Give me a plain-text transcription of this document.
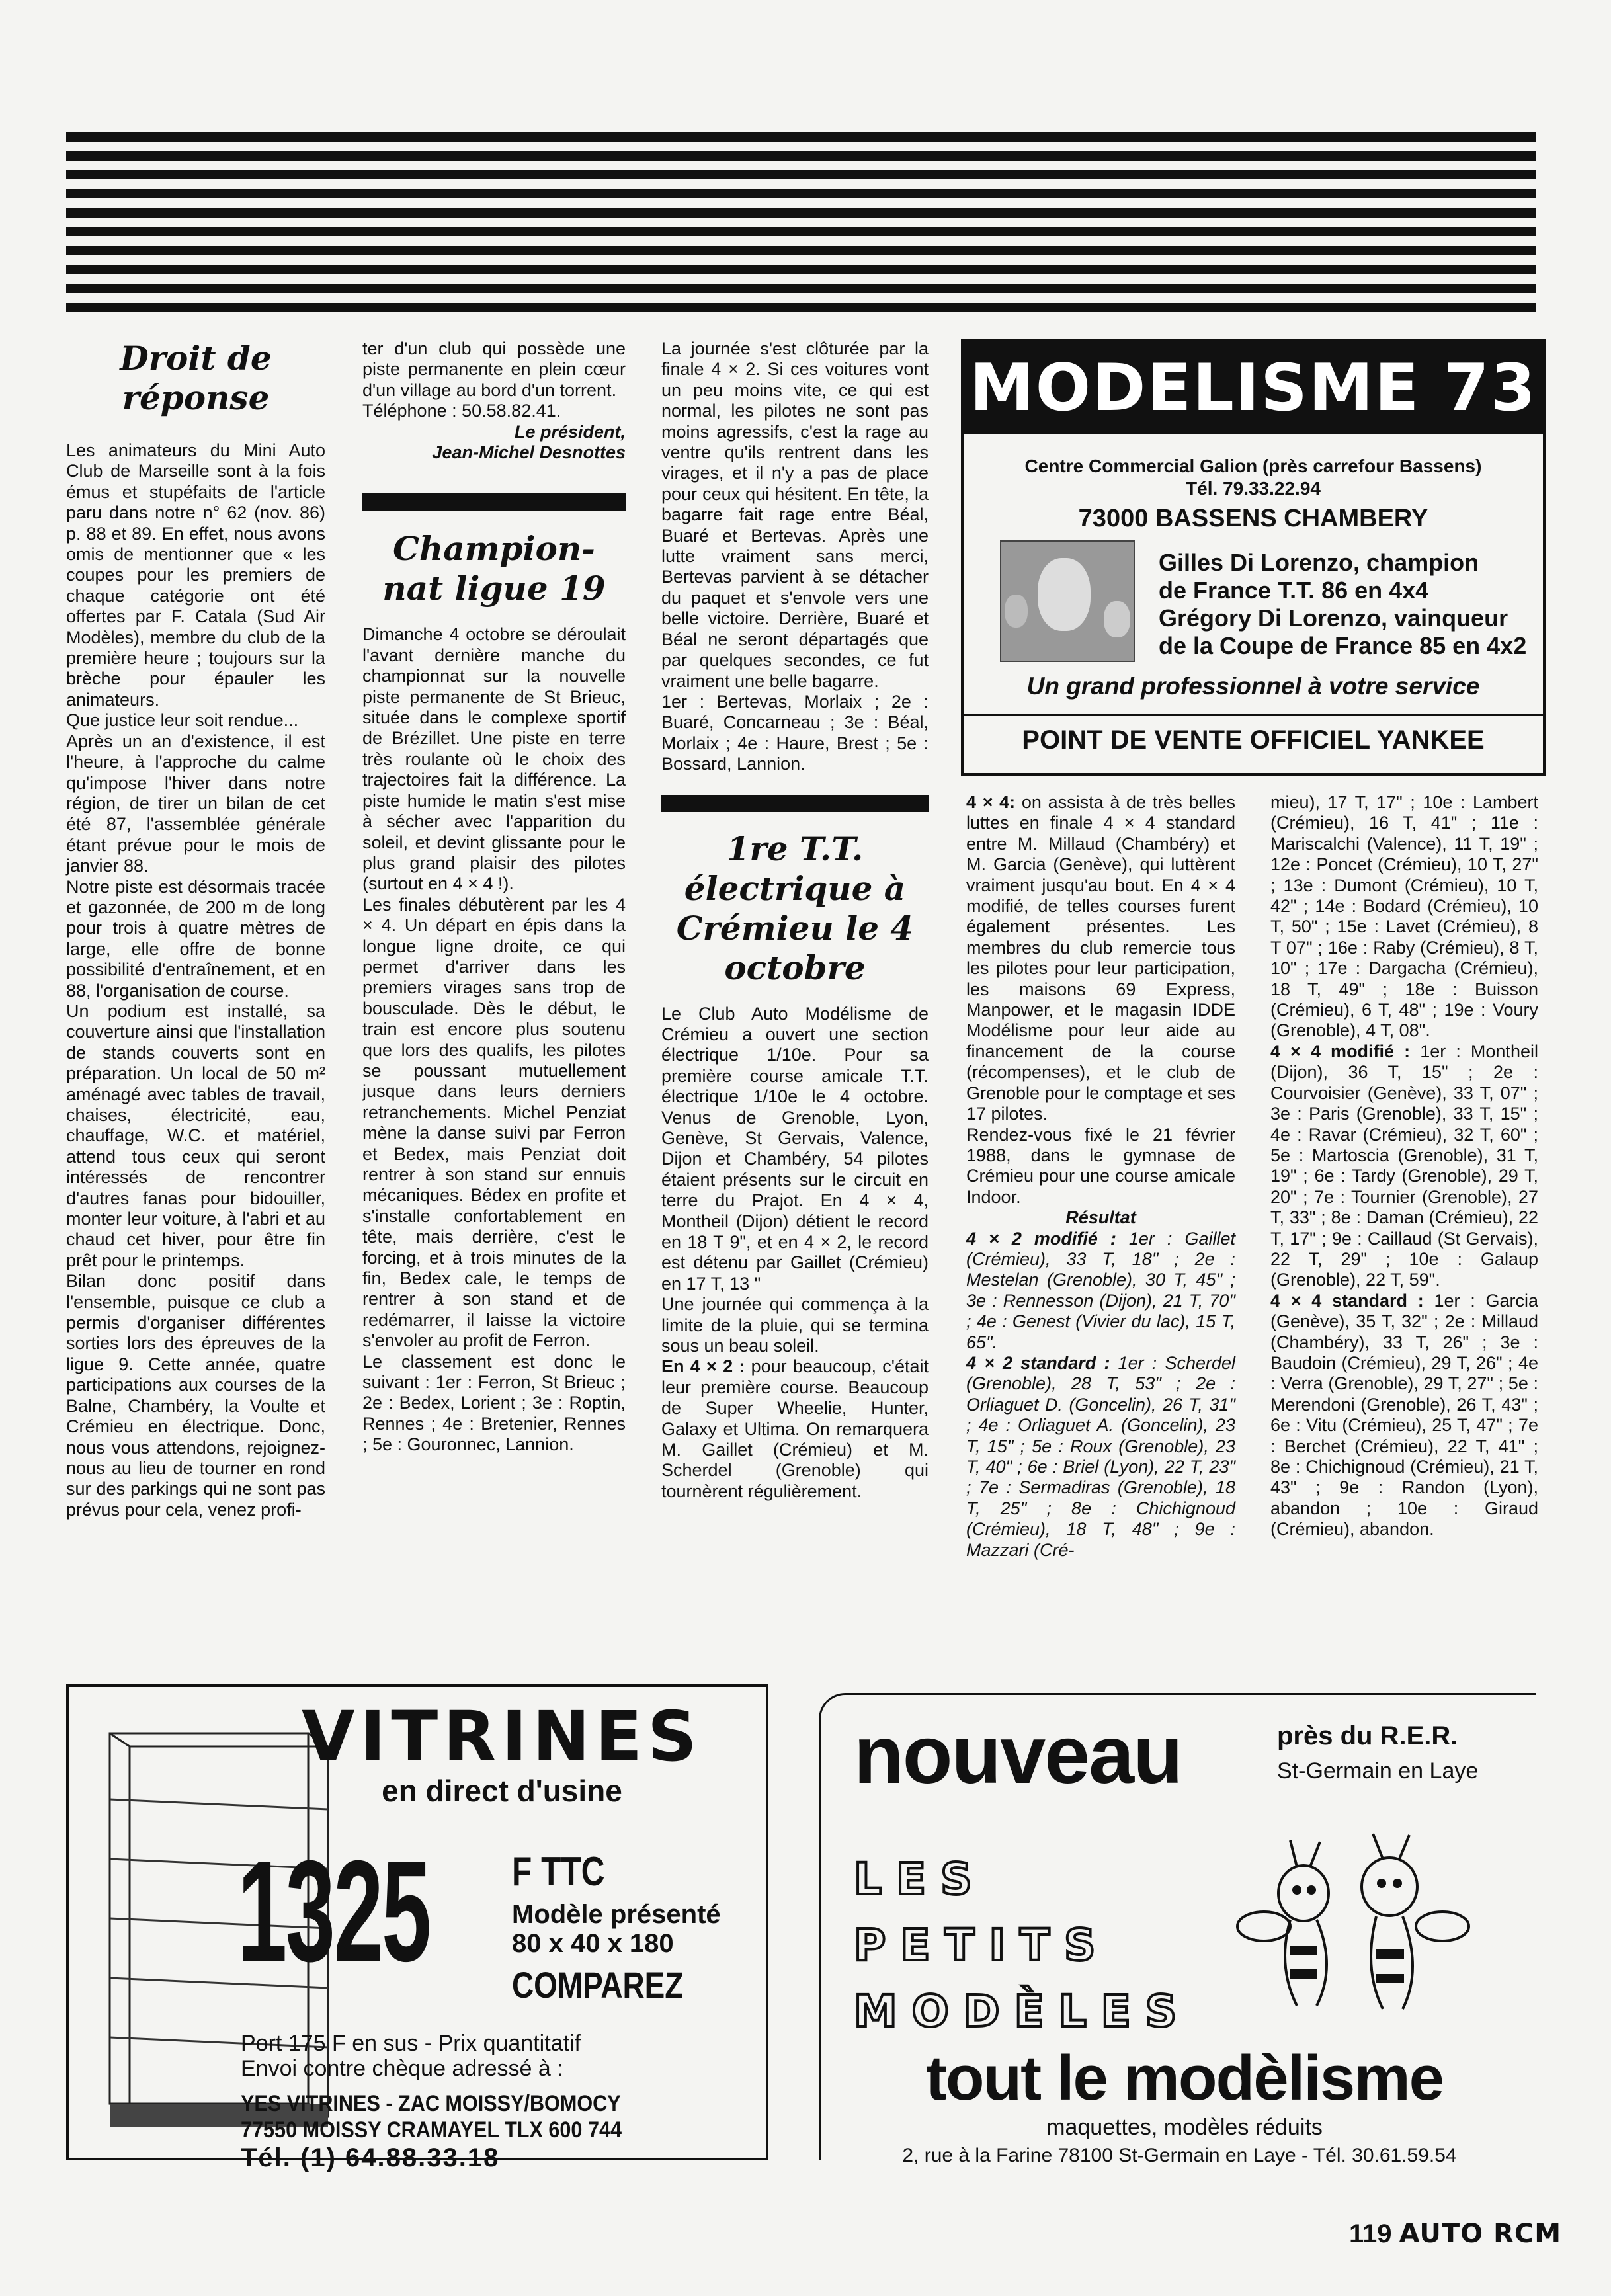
Droit de
réponse

Les animateurs du Mini Auto Club de Marseille sont à la fois émus et stupéfaits de l'article paru dans notre n° 62 (nov. 86) p. 88 et 89. En effet, nous avons omis de mentionner que « les coupes pour les premiers de chaque catégorie ont été offertes par F. Catala (Sud Air Modèles), membre du club de la première heure ; toujours sur la brèche pour épauler les animateurs.

Que justice leur soit rendue...

Après un an d'existence, il est l'heure, à l'approche du calme qu'impose l'hiver dans notre région, de tirer un bilan de cet été 87, l'assemblée générale étant prévue pour le mois de janvier 88.

Notre piste est désormais tracée et gazonnée, de 200 m de long pour trois à quatre mètres de large, elle offre de bonne possibilité d'entraînement, et en 88, l'organisation de course.

Un podium est installé, sa couverture ainsi que l'installation de stands couverts sont en préparation. Un local de 50 m² aménagé avec tables de travail, chaises, électricité, eau, chauffage, W.C. et matériel, attend tous ceux qui seront intéressés de rencontrer d'autres fanas pour bidouiller, monter leur voiture, à l'abri et au chaud cet hiver, pour être fin prêt pour le printemps.

Bilan donc positif dans l'ensemble, puisque ce club a permis d'organiser différentes sorties lors des épreuves de la ligue 9. Cette année, quatre participations aux courses de la Balne, Chambéry, la Voulte et Crémieu en électrique. Donc, nous vous attendons, rejoignez-nous au lieu de tourner en rond sur des parkings qui ne sont pas prévus pour cela, venez profi-

ter d'un club qui possède une piste permanente en plein cœur d'un village au bord d'un torrent.

Téléphone : 50.58.82.41.

Le président,

Jean-Michel Desnottes

Champion-
nat ligue 19

Dimanche 4 octobre se déroulait l'avant dernière manche du championnat sur la nouvelle piste permanente de St Brieuc, située dans le complexe sportif de Brézillet. Une piste en terre très roulante où le choix des trajectoires fait la différence. La piste humide le matin s'est mise à sécher avec l'apparition du soleil, et devint glissante pour le plus grand plaisir des pilotes (surtout en 4 × 4 !).

Les finales débutèrent par les 4 × 4. Un départ en épis dans la longue ligne droite, ce qui permet d'arriver dans les premiers virages sans trop de bousculade. Dès le début, le train est encore plus soutenu que lors des qualifs, les pilotes se poussant mutuellement jusque dans leurs derniers retranchements. Michel Penziat mène la danse suivi par Ferron et Bedex, mais Penziat doit rentrer à son stand sur ennuis mécaniques. Bédex en profite et s'installe confortablement en tête, mais derrière, c'est le forcing, et à trois minutes de la fin, Bedex cale, le temps de rentrer à son stand et de redémarrer, il laisse la victoire s'envoler au profit de Ferron.

Le classement est donc le suivant : 1er : Ferron, St Brieuc ; 2e : Bedex, Lorient ; 3e : Roptin, Rennes ; 4e : Bretenier, Rennes ; 5e : Gouronnec, Lannion.

La journée s'est clôturée par la finale 4 × 2. Si ces voitures vont un peu moins vite, ce qui est normal, les pilotes ne sont pas moins agressifs, c'est la rage au ventre qu'ils rentrent dans les virages, et il n'y a pas de place pour ceux qui hésitent. En tête, la bagarre fait rage entre Béal, Buaré et Bertevas. Après une lutte vraiment sans merci, Bertevas parvient à se détacher du paquet et s'envole vers une belle victoire. Derrière, Buaré et Béal ne seront départagés que par quelques secondes, ce fut vraiment une belle bagarre.

1er : Bertevas, Morlaix ; 2e : Buaré, Concarneau ; 3e : Béal, Morlaix ; 4e : Haure, Brest ; 5e : Bossard, Lannion.

1re T.T.
électrique à
Crémieu le 4
octobre

Le Club Auto Modélisme de Crémieu a ouvert une section électrique 1/10e. Pour sa première course amicale T.T. électrique 1/10e le 4 octobre. Venus de Grenoble, Lyon, Genève, St Gervais, Valence, Dijon et Chambéry, 54 pilotes étaient présents sur le circuit en terre du Prajot. En 4 × 4, Montheil (Dijon) détient le record en 18 T 9", et en 4 × 2, le record est détenu par Gaillet (Crémieu) en 17 T, 13 "

Une journée qui commença à la limite de la pluie, qui se termina sous un beau soleil.

En 4 × 2 : pour beaucoup, c'était leur première course. Beaucoup de Super Wheelie, Hunter, Galaxy et Ultima. On remarquera M. Gaillet (Crémieu) et M. Scherdel (Grenoble) qui tournèrent régulièrement.

MODELISME 73
Centre Commercial Galion (près carrefour Bassens)
Tél. 79.33.22.94
73000 BASSENS CHAMBERY
Gilles Di Lorenzo, champion
de France T.T. 86 en 4x4
Grégory Di Lorenzo, vainqueur
de la Coupe de France 85 en 4x2
Un grand professionnel à votre service
POINT DE VENTE OFFICIEL YANKEE

4 × 4: on assista à de très belles luttes en finale 4 × 4 standard entre M. Millaud (Chambéry) et M. Garcia (Genève), qui luttèrent vraiment jusqu'au bout. En 4 × 4 modifié, de telles courses furent également présentes. Les membres du club remercie tous les pilotes pour leur participation, les maisons 69 Express, Manpower, et le magasin IDDE Modélisme pour leur aide au financement de la course (récompenses), et le club de Grenoble pour le comptage et ses 17 pilotes.

Rendez-vous fixé le 21 février 1988, dans le gymnase de Crémieu pour une course amicale Indoor.

Résultat

4 × 2 modifié : 1er : Gaillet (Crémieu), 33 T, 18" ; 2e : Mestelan (Grenoble), 30 T, 45" ; 3e : Rennesson (Dijon), 21 T, 70" ; 4e : Genest (Vivier du lac), 15 T, 65".

4 × 2 standard : 1er : Scherdel (Grenoble), 28 T, 53" ; 2e : Orliaguet D. (Goncelin), 26 T, 31" ; 4e : Orliaguet A. (Goncelin), 23 T, 15" ; 5e : Roux (Grenoble), 23 T, 40" ; 6e : Briel (Lyon), 22 T, 23" ; 7e : Sermadiras (Grenoble), 18 T, 25" ; 8e : Chichignoud (Crémieu), 18 T, 48" ; 9e : Mazzari (Cré-

mieu), 17 T, 17" ; 10e : Lambert (Crémieu), 16 T, 41" ; 11e : Mariscalchi (Valence), 11 T, 19" ; 12e : Poncet (Crémieu), 10 T, 27" ; 13e : Dumont (Crémieu), 10 T, 42" ; 14e : Bodard (Crémieu), 10 T, 50" ; 15e : Lavet (Crémieu), 8 T 07" ; 16e : Raby (Crémieu), 8 T, 10" ; 17e : Dargacha (Crémieu), 18 T, 49" ; 18e : Buisson (Crémieu), 6 T, 48" ; 19e : Voury (Grenoble), 4 T, 08".

4 × 4 modifié : 1er : Montheil (Dijon), 36 T, 15" ; 2e : Courvoisier (Genève), 33 T, 07" ; 3e : Paris (Grenoble), 33 T, 15" ; 4e : Ravar (Crémieu), 32 T, 60" ; 5e : Martoscia (Grenoble), 31 T, 19" ; 6e : Tardy (Grenoble), 29 T, 20" ; 7e : Tournier (Grenoble), 27 T, 33" ; 8e : Daman (Crémieu), 22 T, 17" ; 9e : Caillaud (St Gervais), 22 T, 29" ; 10e : Galaup (Grenoble), 22 T, 59".

4 × 4 standard : 1er : Garcia (Genève), 35 T, 32" ; 2e : Millaud (Chambéry), 33 T, 26" ; 3e : Baudoin (Crémieu), 29 T, 26" ; 4e : Verra (Grenoble), 29 T, 27" ; 5e : Merendoni (Grenoble), 26 T, 43" ; 6e : Vitu (Crémieu), 25 T, 47" ; 7e : Berchet (Crémieu), 22 T, 41" ; 8e : Chichignoud (Crémieu), 21 T, 43" ; 9e : Randon (Lyon), abandon ; 10e : Giraud (Crémieu), abandon.

VITRINES
en direct d'usine
1325 F TTC
Modèle présenté
80 x 40 x 180
COMPAREZ
Port 175 F en sus - Prix quantitatif
Envoi contre chèque adressé à :
YES VITRINES - ZAC MOISSY/BOMOCY
77550 MOISSY CRAMAYEL TLX 600 744
Tél. (1) 64.88.33.18
nouveau	près du R.E.R.
St-Germain en Laye
LES
PETITS
MODÈLES
tout le modèlisme
maquettes, modèles réduits
2, rue à la Farine 78100 St-Germain en Laye - Tél. 30.61.59.54
119 AUTO RCM
